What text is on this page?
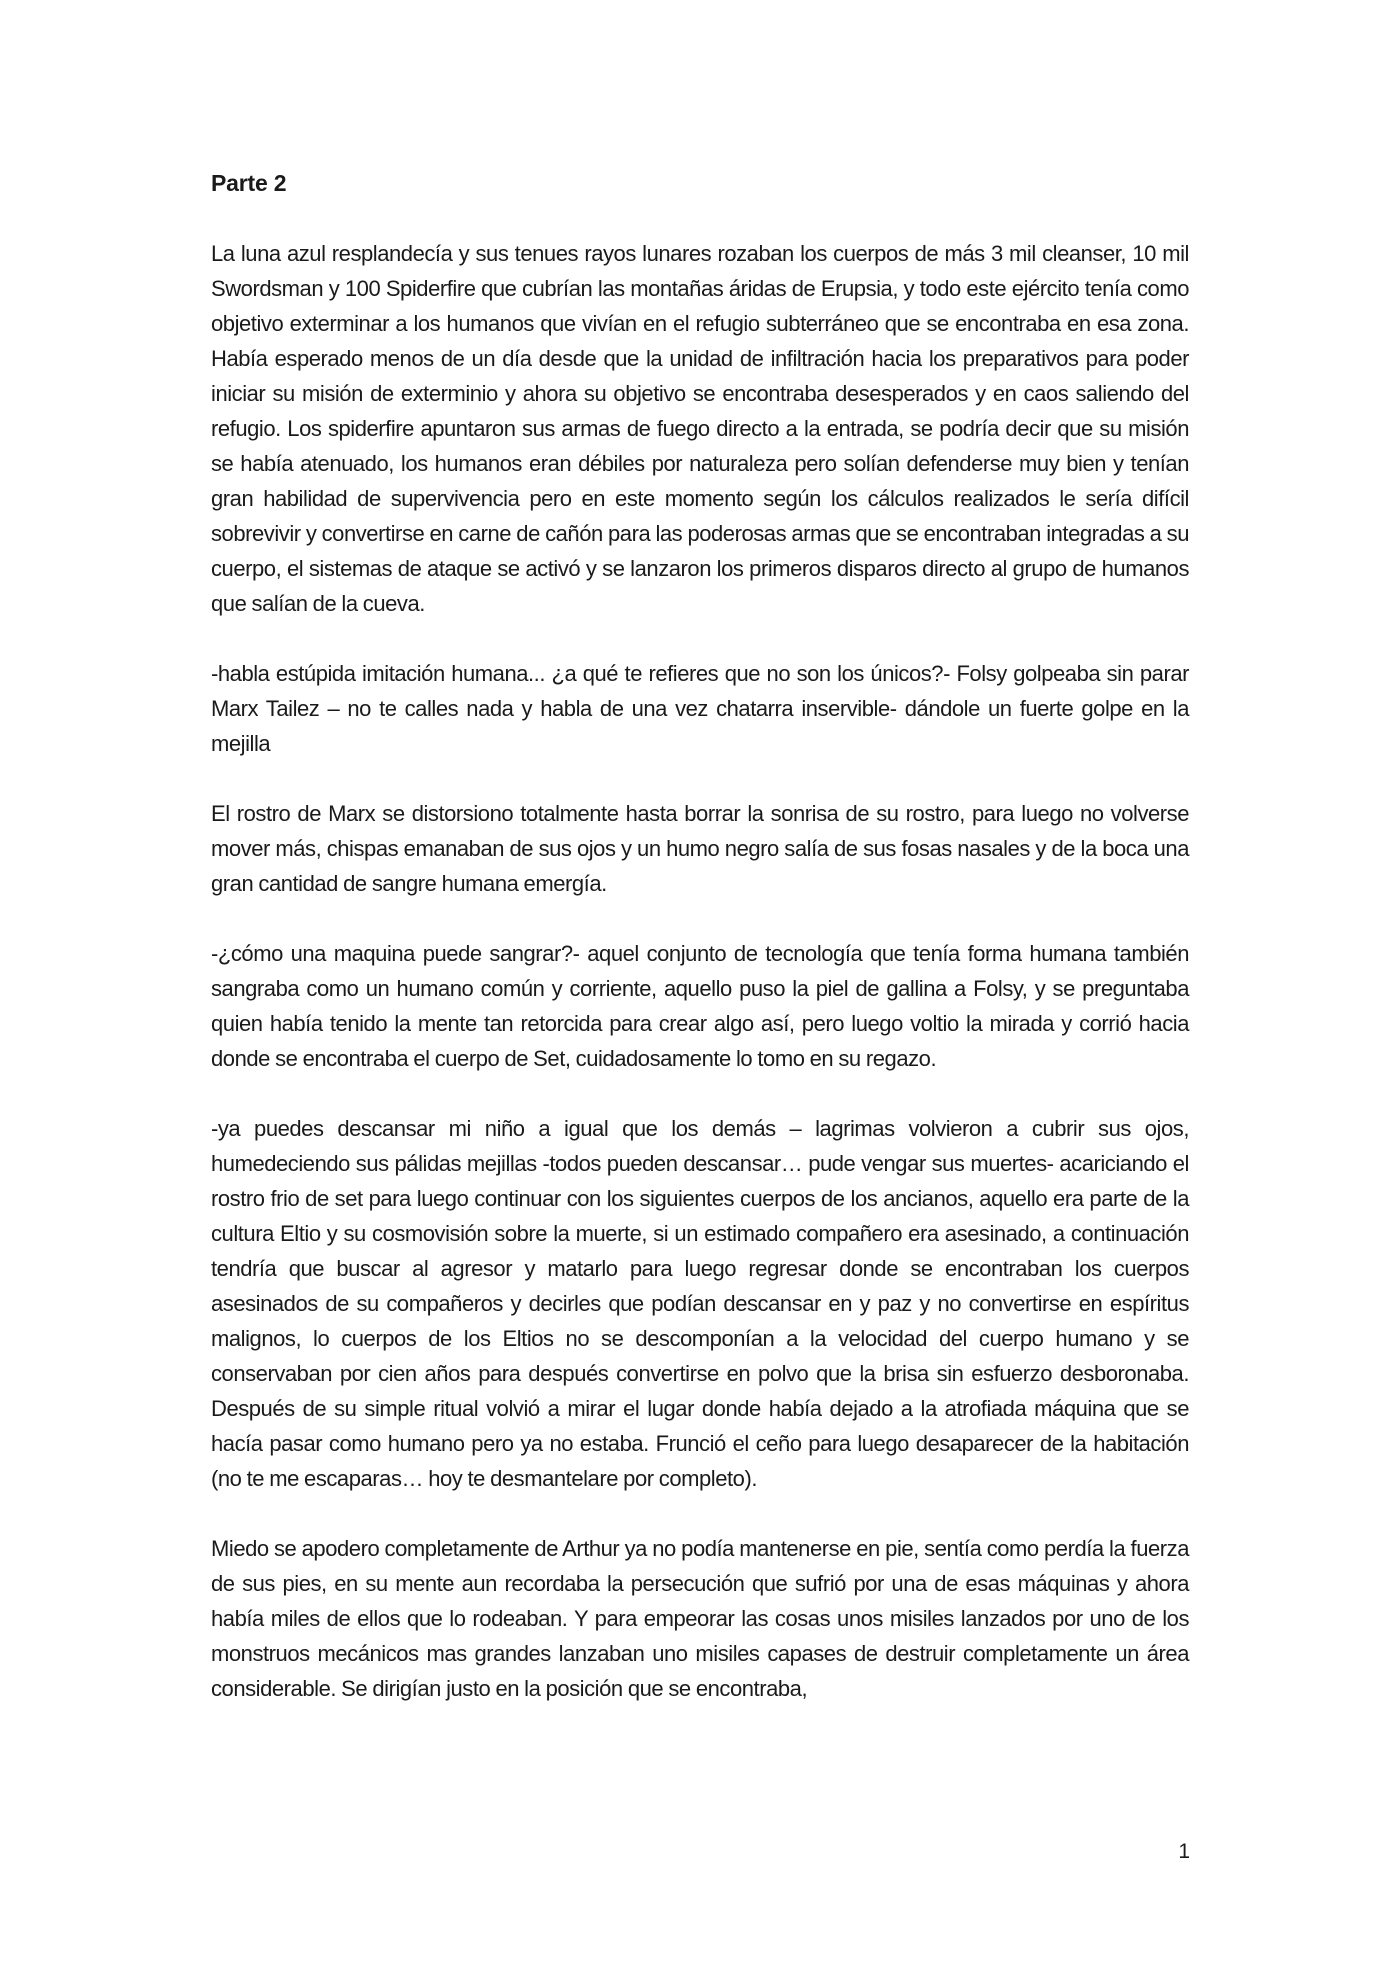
Parte 2

La luna azul resplandecía y sus tenues rayos lunares rozaban los cuerpos de más 3 mil cleanser, 10 mil Swordsman y 100 Spiderfire que cubrían las montañas áridas de Erupsia, y todo este ejército tenía como objetivo exterminar a los humanos que vivían en el refugio subterráneo que se encontraba en esa zona. Había esperado menos de un día desde que la unidad de infiltración hacia los preparativos para poder iniciar su misión de exterminio y ahora su objetivo se encontraba desesperados y en caos saliendo del refugio. Los spiderfire apuntaron sus armas de fuego directo a la entrada, se podría decir que su misión se había atenuado, los humanos eran débiles por naturaleza pero solían defenderse muy bien y tenían gran habilidad de supervivencia pero en este momento según los cálculos realizados le sería difícil sobrevivir y convertirse en carne de cañón para las poderosas armas que se encontraban integradas a su cuerpo, el sistemas de ataque se activó y se lanzaron los primeros disparos directo al grupo de humanos que salían de la cueva.

-habla estúpida imitación humana... ¿a qué te refieres que no son los únicos?- Folsy golpeaba sin parar Marx Tailez – no te calles nada y habla de una vez chatarra inservible- dándole un fuerte golpe en la mejilla

El rostro de Marx se distorsiono totalmente hasta borrar la sonrisa de su rostro, para luego no volverse mover más, chispas emanaban de sus ojos y un humo negro salía de sus fosas nasales y de la boca una gran cantidad de sangre humana emergía.

-¿cómo una maquina puede sangrar?- aquel conjunto de tecnología que tenía forma humana también sangraba como un humano común y corriente, aquello puso la piel de gallina a Folsy, y se preguntaba quien había tenido la mente tan retorcida para crear algo así, pero luego voltio la mirada y corrió hacia donde se encontraba el cuerpo de Set, cuidadosamente lo tomo en su regazo.

-ya puedes descansar mi niño a igual que los demás – lagrimas volvieron a cubrir sus ojos, humedeciendo sus pálidas mejillas -todos pueden descansar… pude vengar sus muertes- acariciando el rostro frio de set para luego continuar con los siguientes cuerpos de los ancianos, aquello era parte de la cultura Eltio y su cosmovisión sobre la muerte, si un estimado compañero era asesinado, a continuación tendría que buscar al agresor y matarlo para luego regresar donde se encontraban los cuerpos asesinados de su compañeros y decirles que podían descansar en y paz y no convertirse en espíritus malignos, lo cuerpos de los Eltios no se descomponían a la velocidad del cuerpo humano y se conservaban por cien años para después convertirse en polvo que la brisa sin esfuerzo desboronaba. Después de su simple ritual volvió a mirar el lugar donde había dejado a la atrofiada máquina que se hacía pasar como humano pero ya no estaba. Frunció el ceño para luego desaparecer de la habitación (no te me escaparas… hoy te desmantelare por completo).

Miedo se apodero completamente de Arthur ya no podía mantenerse en pie, sentía como perdía la fuerza de sus pies, en su mente aun recordaba la persecución que sufrió por una de esas máquinas y ahora había miles de ellos que lo rodeaban. Y para empeorar las cosas unos misiles lanzados por uno de los monstruos mecánicos mas grandes lanzaban uno misiles capases de destruir completamente un área considerable. Se dirigían justo en la posición que se encontraba,

1
